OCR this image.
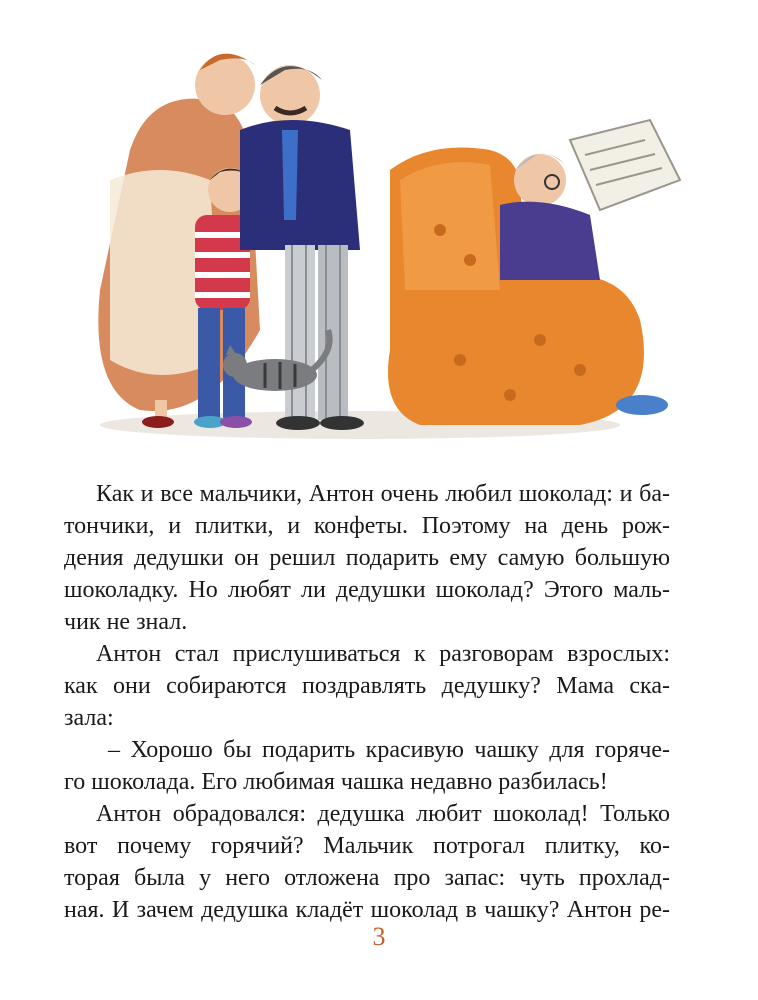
Как и все мальчики, Антон очень любил шоколад: и ба-
тончики, и плитки, и конфеты. Поэтому на день рож-
дения дедушки он решил подарить ему самую большую
шоколадку. Но любят ли дедушки шоколад? Этого маль-
чик не знал.
Антон стал прислушиваться к разговорам взрослых:
как они собираются поздравлять дедушку? Мама ска-
зала:
– Хорошо бы подарить красивую чашку для горяче-
го шоколада. Его любимая чашка недавно разбилась!
Антон обрадовался: дедушка любит шоколад! Только
вот почему горячий? Мальчик потрогал плитку, ко-
торая была у него отложена про запас: чуть прохлад-
ная. И зачем дедушка кладёт шоколад в чашку? Антон ре-
3
